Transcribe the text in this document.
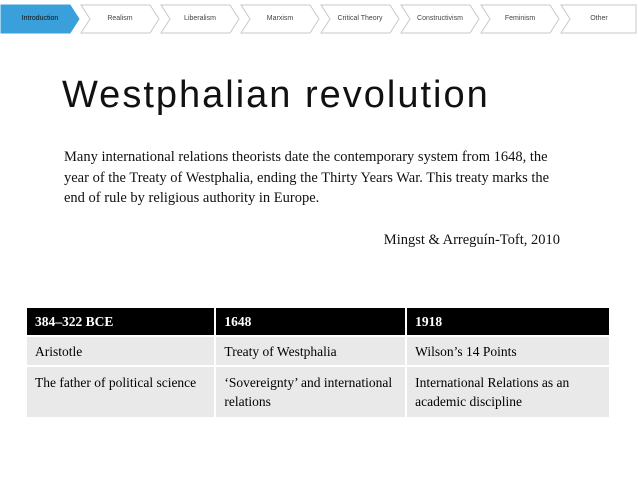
Introduction	Realism	Liberalism	Marxism	Critical Theory	Constructivism	Feminism	Other
Westphalian revolution
Many international relations theorists date the contemporary system from 1648, the year of the Treaty of Westphalia, ending the Thirty Years War. This treaty marks the end of rule by religious authority in Europe.
Mingst & Arreguín-Toft, 2010
384–322 BCE	1648	1918
Aristotle	Treaty of Westphalia	Wilson’s 14 Points
The father of political science	‘Sovereignty’ and international relations	International Relations as an academic discipline
